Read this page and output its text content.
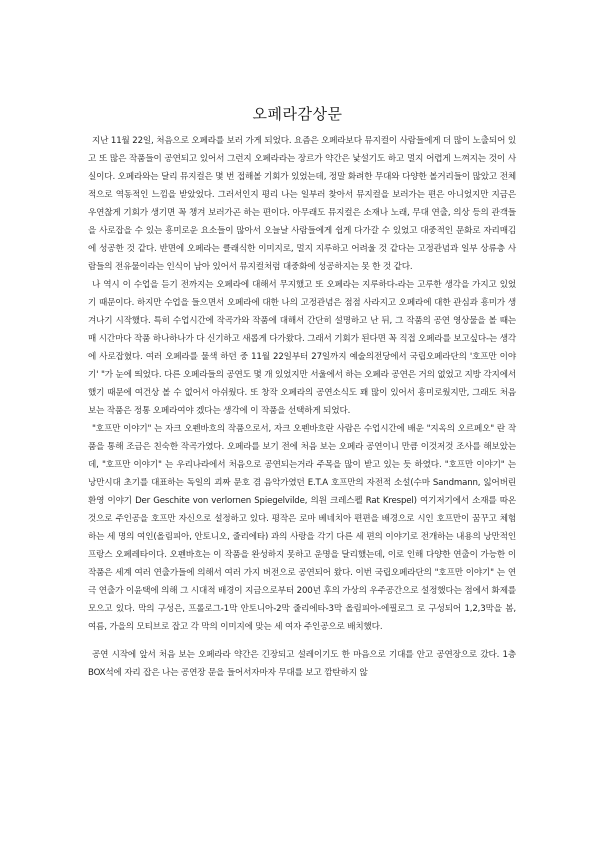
오페라감상문

지난 11월 22일, 처음으로 오페라를 보러 가게 되었다. 요즘은 오페라보다 뮤지컬이 사람들에게 더 많이 노출되어 있고 또 많은 작품들이 공연되고 있어서 그런지 오페라라는 장르가 약간은 낯설기도 하고 멀지 어렵게 느껴지는 것이 사실이다. 오페라와는 달리 뮤지컬은 몇 번 접해볼 기회가 있었는데, 정말 화려한 무대와 다양한 볼거리들이 많았고 전체적으로 역동적인 느낌을 받았었다. 그러서인지 평리 나는 일부러 찾아서 뮤지컬을 보러가는 편은 아니었지만 지금은 우연찮게 기회가 생기면 꼭 챙겨 보러가곤 하는 편이다. 아무래도 뮤지컬은 소재나 노래, 무대 연출, 의상 등의 관객들을 사로잡을 수 있는 흥미로운 요소들이 많아서 오늘날 사람들에게 쉽게 다가갈 수 있었고 대중적인 문화로 자리매김에 성공한 것 같다. 반면에 오페라는 클래식한 이미지로, 멀지 지루하고 어려울 것 같다는 고정관념과 일부 상류층 사람들의 전유물이라는 인식이 남아 있어서 뮤지컬처럼 대중화에 성공하지는 못 한 것 같다.

나 역시 이 수업을 듣기 전까지는 오페라에 대해서 무지했고 또 오페라는 지루하다-라는 고루한 생각을 가지고 있었기 때문이다. 하지만 수업을 들으면서 오페라에 대한 나의 고정관념은 점점 사라지고 오페라에 대한 관심과 흥미가 생겨나기 시작했다. 특히 수업시간에 작곡가와 작품에 대해서 간단히 설명하고 난 뒤, 그 작품의 공연 영상물을 볼 때는 매 시간마다 작품 하나하나가 다 신기하고 새롭게 다가왔다. 그래서 기회가 된다면 꼭 직접 오페라를 보고싶다-는 생각에 사로잡혔다. 여러 오페라를 물색 하던 중 11월 22일부터 27일까지 예술의전당에서 국립오페라단의 '호프만 이야기' "가 눈에 띄었다. 다른 오페라들의 공연도 몇 개 있었지만 서울에서 하는 오페라 공연은 거의 없었고 지방 각지에서 했기 때문에 여건상 볼 수 없어서 아쉬웠다. 또 창작 오페라의 공연소식도 꽤 많이 있어서 흥미로웠지만, 그래도 처음 보는 작품은 정통 오페라여야 겠다는 생각에 이 작품을 선택하게 되었다.

"호프만 이야기" 는 자크 오펜바흐의 작품으로서, 자크 오펜바흐란 사람은 수업시간에 배운 "지옥의 오르페오" 란 작품을 통해 조금은 친숙한 작곡가였다. 오페라를 보기 전에 처음 보는 오페라 공연이니 만큼 이것저것 조사를 해보았는데, "호프만 이야기" 는 우리나라에서 처음으로 공연되는거라 주목을 많이 받고 있는 듯 하였다. "호프만 이야기" 는 낭만시대 초기를 대표하는 독일의 괴짜 문호 겸 음악가였던 E.T.A 호프만의 자전적 소설(수마 Sandmann, 잃어버린 환영 이야기 Der Geschite von verlornen Spiegelvilde, 의원 크레스펠 Rat Krespel) 여기저기에서 소재를 따온 것으로 주인공을 호프만 자신으로 설정하고 있다. 평작은 로마 베네치아 편편을 배경으로 시인 호프만이 꿈꾸고 체험하는 세 명의 여인(올림피아, 안토니오, 줄리에타) 과의 사랑을 각기 다른 세 편의 이야기로 전개하는 내용의 낭만적인 프랑스 오페레타이다. 오펜바흐는 이 작품을 완성하지 못하고 운명을 달리했는데, 이로 인해 다양한 연출이 가능한 이 작품은 세계 여러 연출가들에 의해서 여러 가지 버전으로 공연되어 왔다. 이번 국립오페라단의 "호프만 이야기" 는 연극 연출가 이윤택에 의해 그 시대적 배경이 지금으로부터 200년 후의 가상의 우주공간으로 설정했다는 점에서 화제를 모으고 있다. 막의 구성은, 프롤로그-1막 안토니아-2막 줄리에타-3막 올림피아-에필로그 로 구성되어 1,2,3막을 봄, 여름, 가을의 모티브로 잡고 각 막의 이미지에 맞는 세 여자 주인공으로 배치했다.

공연 시작에 앞서 처음 보는 오페라라 약간은 긴장되고 설레이기도 한 마음으로 기대를 안고 공연장으로 갔다. 1층 BOX석에 자리 잡은 나는 공연장 문을 들어서자마자 무대를 보고 깜탄하지 않
